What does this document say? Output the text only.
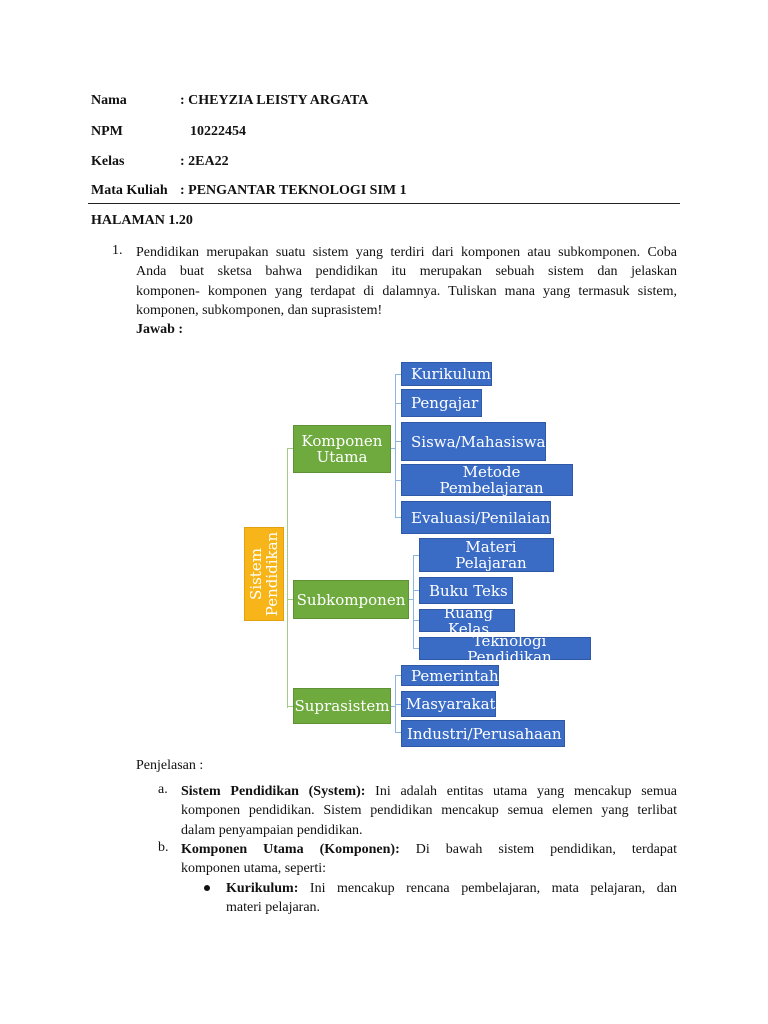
Nama	: CHEYZIA LEISTY ARGATA
NPM	10222454
Kelas	: 2EA22
Mata Kuliah : PENGANTAR TEKNOLOGI SIM 1
HALAMAN 1.20
1. Pendidikan merupakan suatu sistem yang terdiri dari komponen atau subkomponen. Coba
Anda buat sketsa bahwa pendidikan itu merupakan sebuah sistem dan jelaskan
komponen- komponen yang terdapat di dalamnya. Tuliskan mana yang termasuk sistem,
komponen, subkomponen, dan suprasistem!
Jawab :
Sistem Pendidikan
Komponen
Utama
Subkomponen
Suprasistem
Kurikulum
Pengajar
Siswa/Mahasiswa
Metode Pembelajaran
Evaluasi/Penilaian
Materi Pelajaran
Buku Teks
Ruang Kelas
Teknologi Pendidikan
Pemerintah
Masyarakat
Industri/Perusahaan
Penjelasan :
a. Sistem Pendidikan (System): Ini adalah entitas utama yang mencakup semua
komponen pendidikan. Sistem pendidikan mencakup semua elemen yang terlibat
dalam penyampaian pendidikan.
b. Komponen Utama (Komponen): Di bawah sistem pendidikan, terdapat
komponen utama, seperti:
Kurikulum: Ini mencakup rencana pembelajaran, mata pelajaran, dan
materi pelajaran.
